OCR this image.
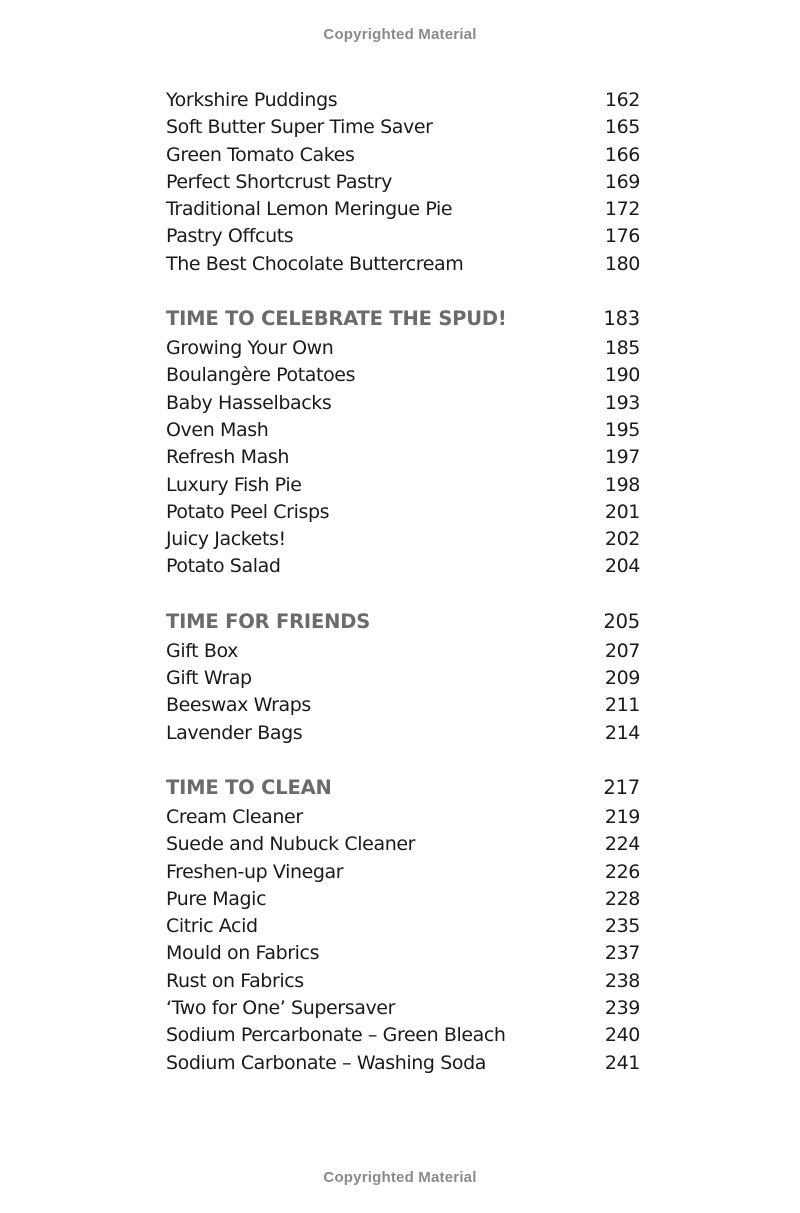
Copyrighted Material
Yorkshire Puddings	162
Soft Butter Super Time Saver	165
Green Tomato Cakes	166
Perfect Shortcrust Pastry	169
Traditional Lemon Meringue Pie	172
Pastry Offcuts	176
The Best Chocolate Buttercream	180
TIME TO CELEBRATE THE SPUD!	183
Growing Your Own	185
Boulangère Potatoes	190
Baby Hasselbacks	193
Oven Mash	195
Refresh Mash	197
Luxury Fish Pie	198
Potato Peel Crisps	201
Juicy Jackets!	202
Potato Salad	204
TIME FOR FRIENDS	205
Gift Box	207
Gift Wrap	209
Beeswax Wraps	211
Lavender Bags	214
TIME TO CLEAN	217
Cream Cleaner	219
Suede and Nubuck Cleaner	224
Freshen-up Vinegar	226
Pure Magic	228
Citric Acid	235
Mould on Fabrics	237
Rust on Fabrics	238
‘Two for One’ Supersaver	239
Sodium Percarbonate – Green Bleach	240
Sodium Carbonate – Washing Soda	241
Copyrighted Material
